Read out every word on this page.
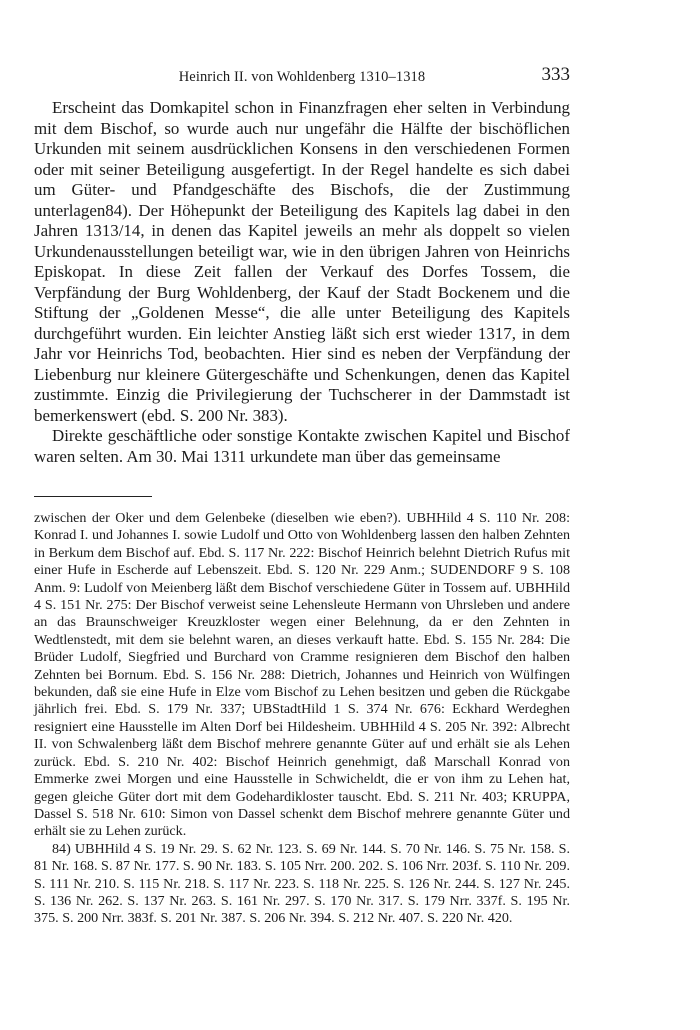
Heinrich II. von Wohldenberg 1310–1318	333

Erscheint das Domkapitel schon in Finanzfragen eher selten in Verbindung mit dem Bischof, so wurde auch nur ungefähr die Hälfte der bischöflichen Urkunden mit seinem ausdrücklichen Konsens in den verschiedenen Formen oder mit seiner Beteiligung ausgefertigt. In der Regel handelte es sich dabei um Güter- und Pfandgeschäfte des Bischofs, die der Zustimmung unterlagen84). Der Höhepunkt der Beteiligung des Kapitels lag dabei in den Jahren 1313/14, in denen das Kapitel jeweils an mehr als doppelt so vielen Urkundenausstellungen beteiligt war, wie in den übrigen Jahren von Heinrichs Episkopat. In diese Zeit fallen der Verkauf des Dorfes Tossem, die Verpfändung der Burg Wohldenberg, der Kauf der Stadt Bockenem und die Stiftung der „Goldenen Messe“, die alle unter Beteiligung des Kapitels durchgeführt wurden. Ein leichter Anstieg läßt sich erst wieder 1317, in dem Jahr vor Heinrichs Tod, beobachten. Hier sind es neben der Verpfändung der Liebenburg nur kleinere Gütergeschäfte und Schenkungen, denen das Kapitel zustimmte. Einzig die Privilegierung der Tuchscherer in der Dammstadt ist bemerkenswert (ebd. S. 200 Nr. 383).

Direkte geschäftliche oder sonstige Kontakte zwischen Kapitel und Bischof waren selten. Am 30. Mai 1311 urkundete man über das gemeinsame

zwischen der Oker und dem Gelenbeke (dieselben wie eben?). UBHHild 4 S. 110 Nr. 208: Konrad I. und Johannes I. sowie Ludolf und Otto von Wohldenberg lassen den halben Zehnten in Berkum dem Bischof auf. Ebd. S. 117 Nr. 222: Bischof Heinrich belehnt Dietrich Rufus mit einer Hufe in Escherde auf Lebenszeit. Ebd. S. 120 Nr. 229 Anm.; SUDENDORF 9 S. 108 Anm. 9: Ludolf von Meienberg läßt dem Bischof verschiedene Güter in Tossem auf. UBHHild 4 S. 151 Nr. 275: Der Bischof verweist seine Lehensleute Hermann von Uhrsleben und andere an das Braunschweiger Kreuzkloster wegen einer Belehnung, da er den Zehnten in Wedtlenstedt, mit dem sie belehnt waren, an dieses verkauft hatte. Ebd. S. 155 Nr. 284: Die Brüder Ludolf, Siegfried und Burchard von Cramme resignieren dem Bischof den halben Zehnten bei Bornum. Ebd. S. 156 Nr. 288: Dietrich, Johannes und Heinrich von Wülfingen bekunden, daß sie eine Hufe in Elze vom Bischof zu Lehen besitzen und geben die Rückgabe jährlich frei. Ebd. S. 179 Nr. 337; UBStadtHild 1 S. 374 Nr. 676: Eckhard Werdeghen resigniert eine Hausstelle im Alten Dorf bei Hildesheim. UBHHild 4 S. 205 Nr. 392: Albrecht II. von Schwalenberg läßt dem Bischof mehrere genannte Güter auf und erhält sie als Lehen zurück. Ebd. S. 210 Nr. 402: Bischof Heinrich genehmigt, daß Marschall Konrad von Emmerke zwei Morgen und eine Hausstelle in Schwicheldt, die er von ihm zu Lehen hat, gegen gleiche Güter dort mit dem Godehardikloster tauscht. Ebd. S. 211 Nr. 403; KRUPPA, Dassel S. 518 Nr. 610: Simon von Dassel schenkt dem Bischof mehrere genannte Güter und erhält sie zu Lehen zurück.

84) UBHHild 4 S. 19 Nr. 29. S. 62 Nr. 123. S. 69 Nr. 144. S. 70 Nr. 146. S. 75 Nr. 158. S. 81 Nr. 168. S. 87 Nr. 177. S. 90 Nr. 183. S. 105 Nrr. 200. 202. S. 106 Nrr. 203f. S. 110 Nr. 209. S. 111 Nr. 210. S. 115 Nr. 218. S. 117 Nr. 223. S. 118 Nr. 225. S. 126 Nr. 244. S. 127 Nr. 245. S. 136 Nr. 262. S. 137 Nr. 263. S. 161 Nr. 297. S. 170 Nr. 317. S. 179 Nrr. 337f. S. 195 Nr. 375. S. 200 Nrr. 383f. S. 201 Nr. 387. S. 206 Nr. 394. S. 212 Nr. 407. S. 220 Nr. 420.
